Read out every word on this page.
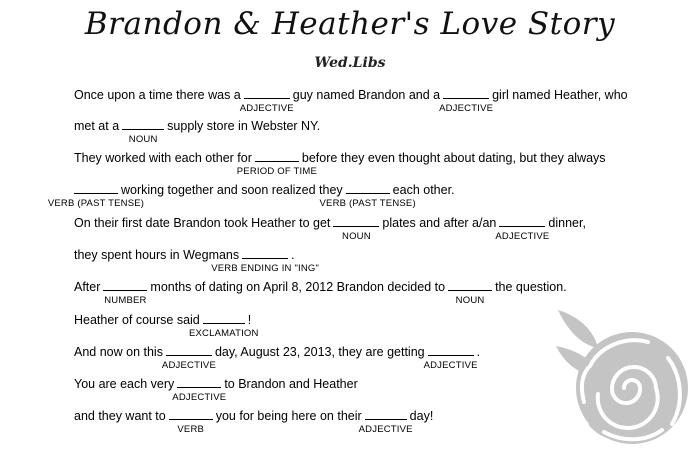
Brandon & Heather's Love Story
Wed.Libs
Once upon a time there was a
ADJECTIVE
guy named Brandon and a
ADJECTIVE
girl named Heather, who
met at a
NOUN
supply store in Webster NY.
They worked with each other for
PERIOD OF TIME
before they even thought about dating, but they always
VERB (PAST TENSE)
working together and soon realized they
VERB (PAST TENSE)
each other.
On their first date Brandon took Heather to get
NOUN
plates and after a/an
ADJECTIVE
dinner,
they spent hours in Wegmans
VERB ENDING IN "ING"
.
After
NUMBER
months of dating on April 8, 2012 Brandon decided to
NOUN
the question.
Heather of course said
EXCLAMATION
!
And now on this
ADJECTIVE
day, August 23, 2013, they are getting
ADJECTIVE
.
You are each very
ADJECTIVE
to Brandon and Heather
and they want to
VERB
you for being here on their
ADJECTIVE
day!
